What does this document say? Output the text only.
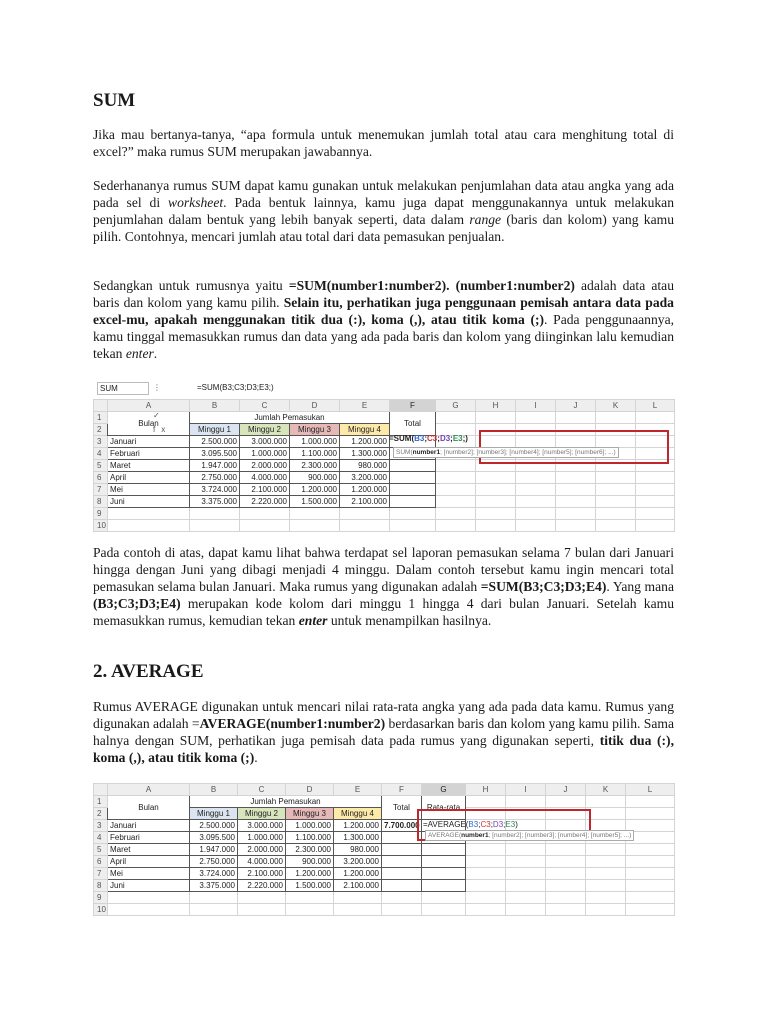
SUM

Jika mau bertanya-tanya, “apa formula untuk menemukan jumlah total atau cara menghitung total di excel?” maka rumus SUM merupakan jawabannya.

Sederhananya rumus SUM dapat kamu gunakan untuk melakukan penjumlahan data atau angka yang ada pada sel di worksheet. Pada bentuk lainnya, kamu juga dapat menggunakannya untuk melakukan penjumlahan dalam bentuk yang lebih banyak seperti, data dalam range (baris dan kolom) yang kamu pilih. Contohnya, mencari jumlah atau total dari data pemasukan penjualan.

Sedangkan untuk rumusnya yaitu =SUM(number1:number2). (number1:number2) adalah data atau baris dan kolom yang kamu pilih. Selain itu, perhatikan juga penggunaan pemisah antara data pada excel-mu, apakah menggunakan titik dua (:), koma (,), atau titik koma (;). Pada penggunaannya, kamu tinggal memasukkan rumus dan data yang ada pada baris dan kolom yang diinginkan lalu kemudian tekan enter.

SUM	⋮ ✓ fx
=SUM(B3;C3;D3;E3;)
	A	B	C	D	E	F	G	H	I	J	K	L
1	Bulan	Jumlah Pemasukan				Total						
2		Minggu 1	Minggu 2	Minggu 3	Minggu 4							
3	Januari	2.500.000	3.000.000	1.000.000	1.200.000							
4	Februari	3.095.500	1.000.000	1.100.000	1.300.000							
5	Maret	1.947.000	2.000.000	2.300.000	980.000							
6	April	2.750.000	4.000.000	900.000	3.200.000							
7	Mei	3.724.000	2.100.000	1.200.000	1.200.000							
8	Juni	3.375.000	2.220.000	1.500.000	2.100.000							
9												
10												
=SUM(B3;C3;D3;E3;)
SUM(number1; [number2]; [number3]; [number4]; [number5]; [number6]; ...)

Pada contoh di atas, dapat kamu lihat bahwa terdapat sel laporan pemasukan selama 7 bulan dari Januari hingga dengan Juni yang dibagi menjadi 4 minggu. Dalam contoh tersebut kamu ingin mencari total pemasukan selama bulan Januari. Maka rumus yang digunakan adalah =SUM(B3;C3;D3;E4). Yang mana (B3;C3;D3;E4) merupakan kode kolom dari minggu 1 hingga 4 dari bulan Januari. Setelah kamu memasukkan rumus, kemudian tekan enter untuk menampilkan hasilnya.

2. AVERAGE

Rumus AVERAGE digunakan untuk mencari nilai rata-rata angka yang ada pada data kamu. Rumus yang digunakan adalah =AVERAGE(number1:number2) berdasarkan baris dan kolom yang kamu pilih. Sama halnya dengan SUM, perhatikan juga pemisah data pada rumus yang digunakan seperti, titik dua (:), koma (,), atau titik koma (;).

	A	B	C	D	E	F	G	H	I	J	K	L	
1	Bulan	Jumlah Pemasukan				Total	Rata-rata						
2		Minggu 1	Minggu 2	Minggu 3	Minggu 4								
3	Januari	2.500.000	3.000.000	1.000.000	1.200.000	7.700.000							
4	Februari	3.095.500	1.000.000	1.100.000	1.300.000								
5	Maret	1.947.000	2.000.000	2.300.000	980.000								
6	April	2.750.000	4.000.000	900.000	3.200.000								
7	Mei	3.724.000	2.100.000	1.200.000	1.200.000								
8	Juni	3.375.000	2.220.000	1.500.000	2.100.000								
9													
10													
=AVERAGE(B3;C3;D3;E3)
AVERAGE(number1; [number2]; [number3]; [number4]; [number5]; ...)
